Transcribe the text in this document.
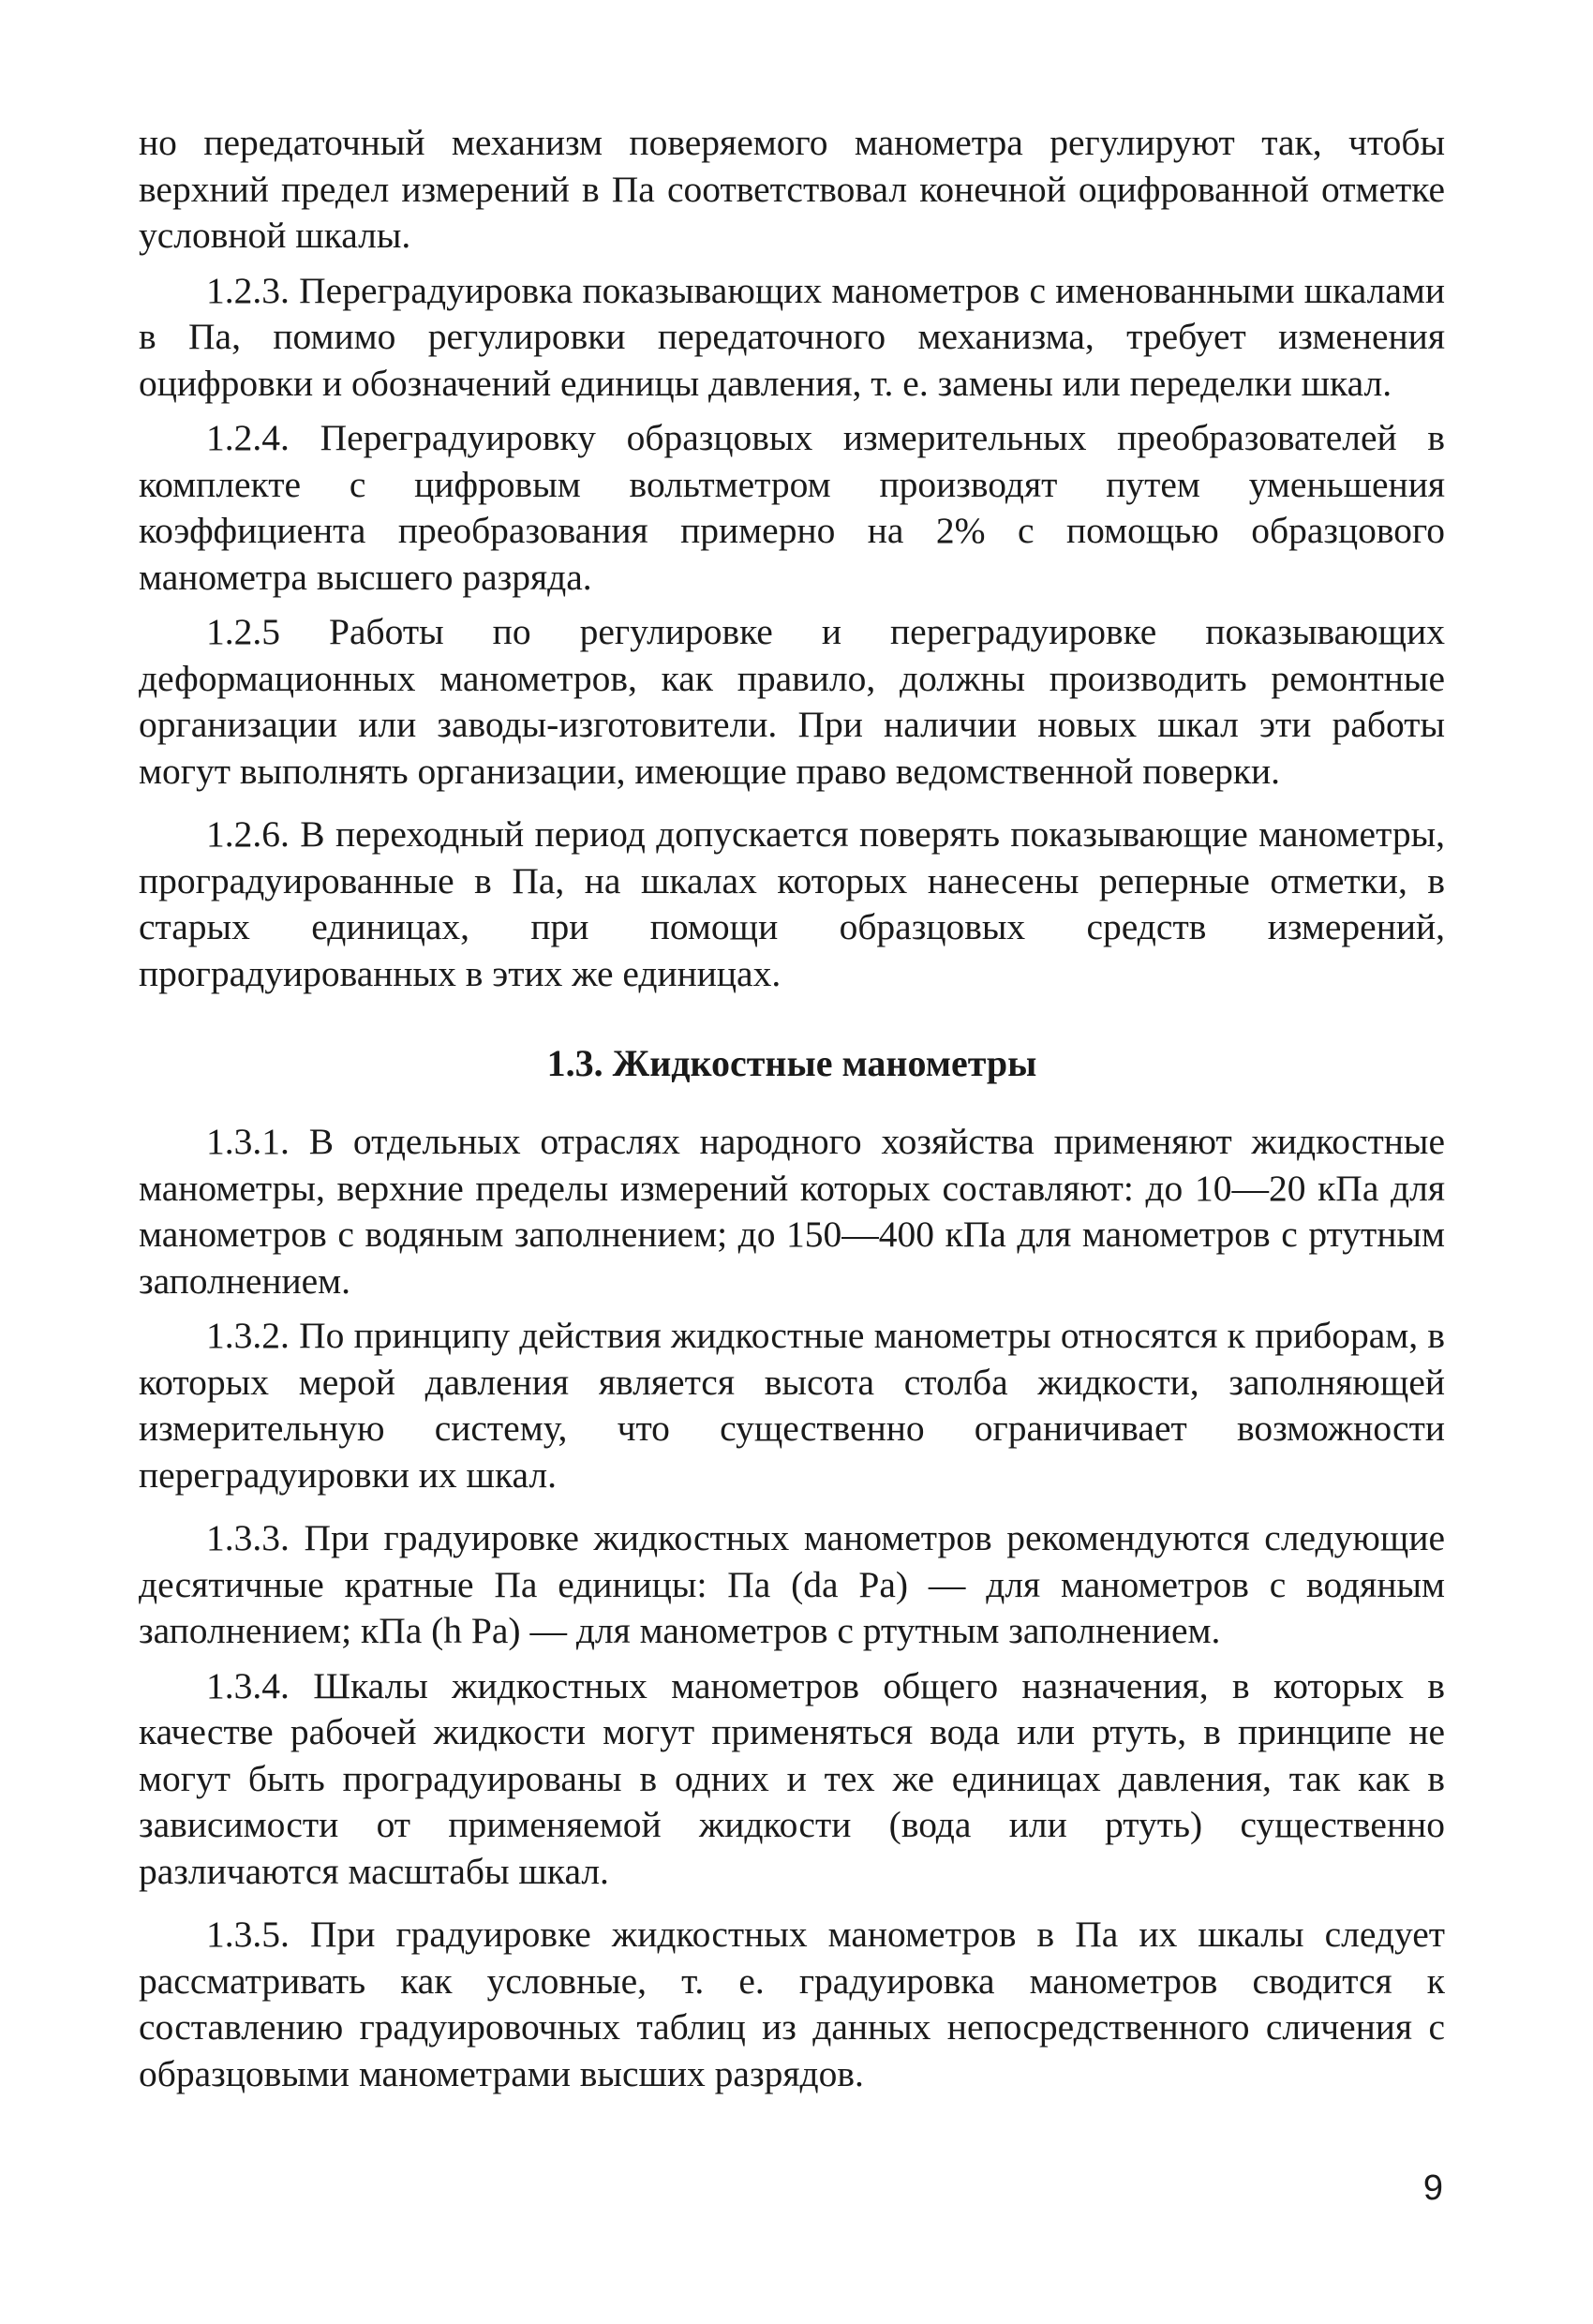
но передаточный механизм поверяемого манометра регулируют так, чтобы верхний предел измерений в Па соответствовал конечной оцифрованной отметке условной шкалы.

1.2.3. Переградуировка показывающих манометров с именованными шкалами в Па, помимо регулировки передаточного механизма, требует изменения оцифровки и обозначений единицы давления, т. е. замены или переделки шкал.

1.2.4. Переградуировку образцовых измерительных преобразователей в комплекте с цифровым вольтметром производят путем уменьшения коэффициента преобразования примерно на 2% с помощью образцового манометра высшего разряда.

1.2.5 Работы по регулировке и переградуировке показывающих деформационных манометров, как правило, должны производить ремонтные организации или заводы-изготовители. При наличии новых шкал эти работы могут выполнять организации, имеющие право ведомственной поверки.

1.2.6. В переходный период допускается поверять показывающие манометры, проградуированные в Па, на шкалах которых нанесены реперные отметки, в старых единицах, при помощи образцовых средств измерений, проградуированных в этих же единицах.

1.3. Жидкостные манометры

1.3.1. В отдельных отраслях народного хозяйства применяют жидкостные манометры, верхние пределы измерений которых составляют: до 10—20 кПа для манометров с водяным заполнением; до 150—400 кПа для манометров с ртутным заполнением.

1.3.2. По принципу действия жидкостные манометры относятся к приборам, в которых мерой давления является высота столба жидкости, заполняющей измерительную систему, что существенно ограничивает возможности переградуировки их шкал.

1.3.3. При градуировке жидкостных манометров рекомендуются следующие десятичные кратные Па единицы: Па (da Pa) — для манометров с водяным заполнением; кПа (h Pa) — для манометров с ртутным заполнением.

1.3.4. Шкалы жидкостных манометров общего назначения, в которых в качестве рабочей жидкости могут применяться вода или ртуть, в принципе не могут быть проградуированы в одних и тех же единицах давления, так как в зависимости от применяемой жидкости (вода или ртуть) существенно различаются масштабы шкал.

1.3.5. При градуировке жидкостных манометров в Па их шкалы следует рассматривать как условные, т. е. градуировка манометров сводится к составлению градуировочных таблиц из данных непосредственного сличения с образцовыми манометрами высших разрядов.

9
